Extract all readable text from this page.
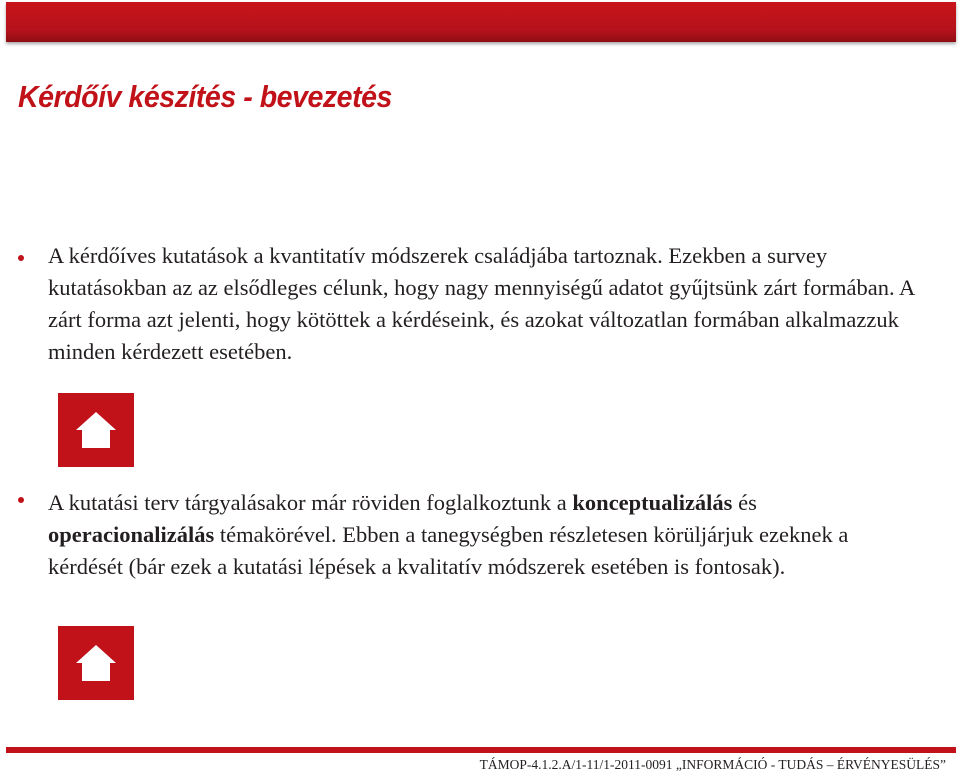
Kérdőív készítés - bevezetés

A kérdőíves kutatások a kvantitatív módszerek családjába tartoznak. Ezekben a survey kutatásokban az az elsődleges célunk, hogy nagy mennyiségű adatot gyűjtsünk zárt formában. A zárt forma azt jelenti, hogy kötöttek a kérdéseink, és azokat változatlan formában alkalmazzuk minden kérdezett esetében.

A kutatási terv tárgyalásakor már röviden foglalkoztunk a konceptualizálás és operacionalizálás témakörével. Ebben a tanegységben részletesen körüljárjuk ezeknek a kérdését (bár ezek a kutatási lépések a kvalitatív módszerek esetében is fontosak).

TÁMOP-4.1.2.A/1-11/1-2011-0091 „INFORMÁCIÓ - TUDÁS – ÉRVÉNYESÜLÉS”
